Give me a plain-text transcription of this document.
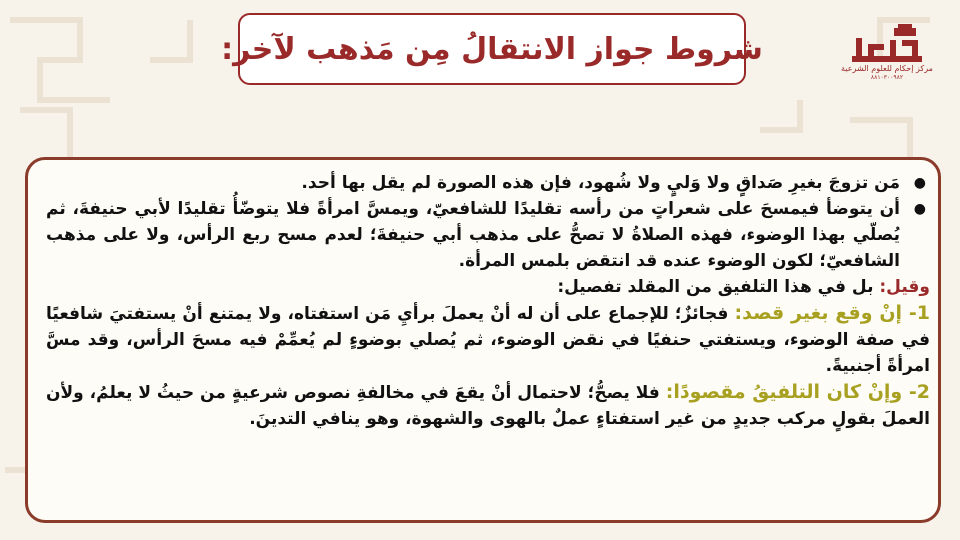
شروط جواز الانتقالُ مِن مَذهب لآخر:
مركز إحكام للعلوم الشرعية
٨٨١٠٣٠٠٩٨٢
●
مَن تزوجَ بغيرِ صَداقٍ ولا وَليٍ ولا شُهود، فإن هذه الصورة لم يقل بها أحد.
●
أن يتوضأ فيمسحَ على شعراتٍ من رأسه تقليدًا للشافعيّ، ويمسَّ امرأةً فلا يتوضّأُ تقليدًا لأبي حنيفةَ، ثم يُصلّي بهذا الوضوء، فهذه الصلاةُ لا تصحُّ على مذهب أبي حنيفةَ؛ لعدم مسح ربع الرأس، ولا على مذهب الشافعيّ؛ لكون الوضوء عنده قد انتقض بلمس المرأة.

وقيل: بل في هذا التلفيق من المقلد تفصيل:

1- إنْ وقع بغير قصد: فجائزٌ؛ للإجماع على أن له أنْ يعملَ برأيِ مَن استفتاه، ولا يمتنع أنْ يستفتيَ شافعيًا في صفة الوضوء، ويستفتي حنفيًا في نقض الوضوء، ثم يُصلي بوضوءٍ لم يُعمِّمْ فيه مسحَ الرأس، وقد مسَّ امرأةً أجنبيةً.

2- وإنْ كان التلفيقُ مقصودًا: فلا يصحُّ؛ لاحتمال أنْ يقعَ في مخالفةِ نصوص شرعيةٍ من حيثُ لا يعلمُ، ولأن العملَ بقولٍ مركب جديدٍ من غير استفتاءٍ عملٌ بالهوى والشهوة، وهو ينافي التدينَ.
